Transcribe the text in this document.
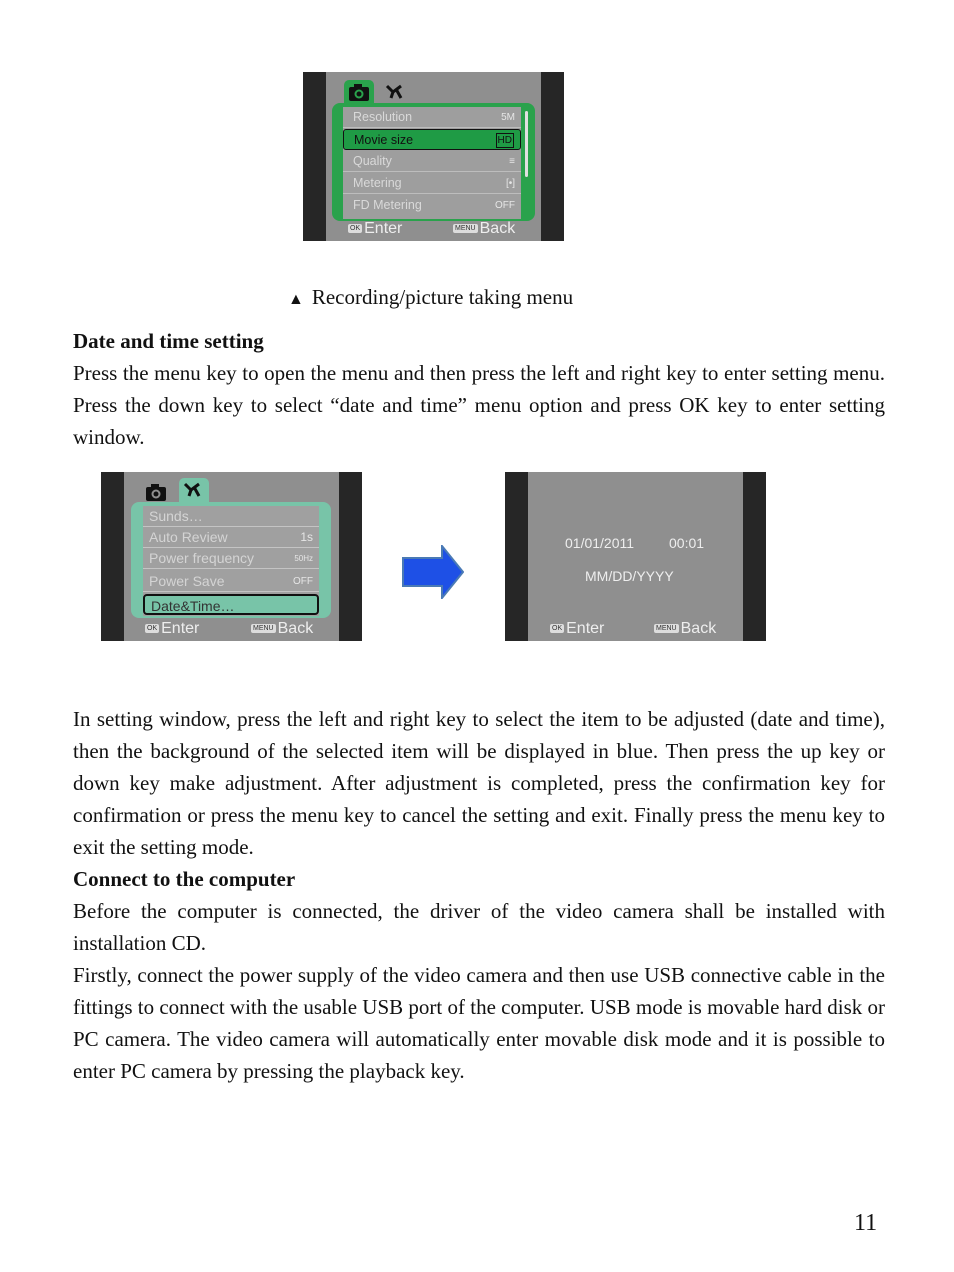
Resolution	5M
Movie size	HD
Quality	≡
Metering	[•]
FD Metering	OFF
OK Enter	MENU Back
▲ Recording/picture taking menu
Date and time setting
Press the menu key to open the menu and then press the left and right key to enter setting menu. Press the down key to select “date and time” menu option and press OK key to enter setting window.
Sunds…
Auto Review	1s
Power frequency	50Hz
Power Save	OFF
Date&Time…
OK Enter	MENU Back
01/01/2011 00:01
MM/DD/YYYY
OK Enter	MENU Back
In setting window, press the left and right key to select the item to be adjusted (date and time), then the background of the selected item will be displayed in blue. Then press the up key or down key make adjustment. After adjustment is completed, press the confirmation key for confirmation or press the menu key to cancel the setting and exit. Finally press the menu key to exit the setting mode.
Connect to the computer
Before the computer is connected, the driver of the video camera shall be installed with installation CD.
Firstly, connect the power supply of the video camera and then use USB connective cable in the fittings to connect with the usable USB port of the computer. USB mode is movable hard disk or PC camera. The video camera will automatically enter movable disk mode and it is possible to enter PC camera by pressing the playback key.
11
